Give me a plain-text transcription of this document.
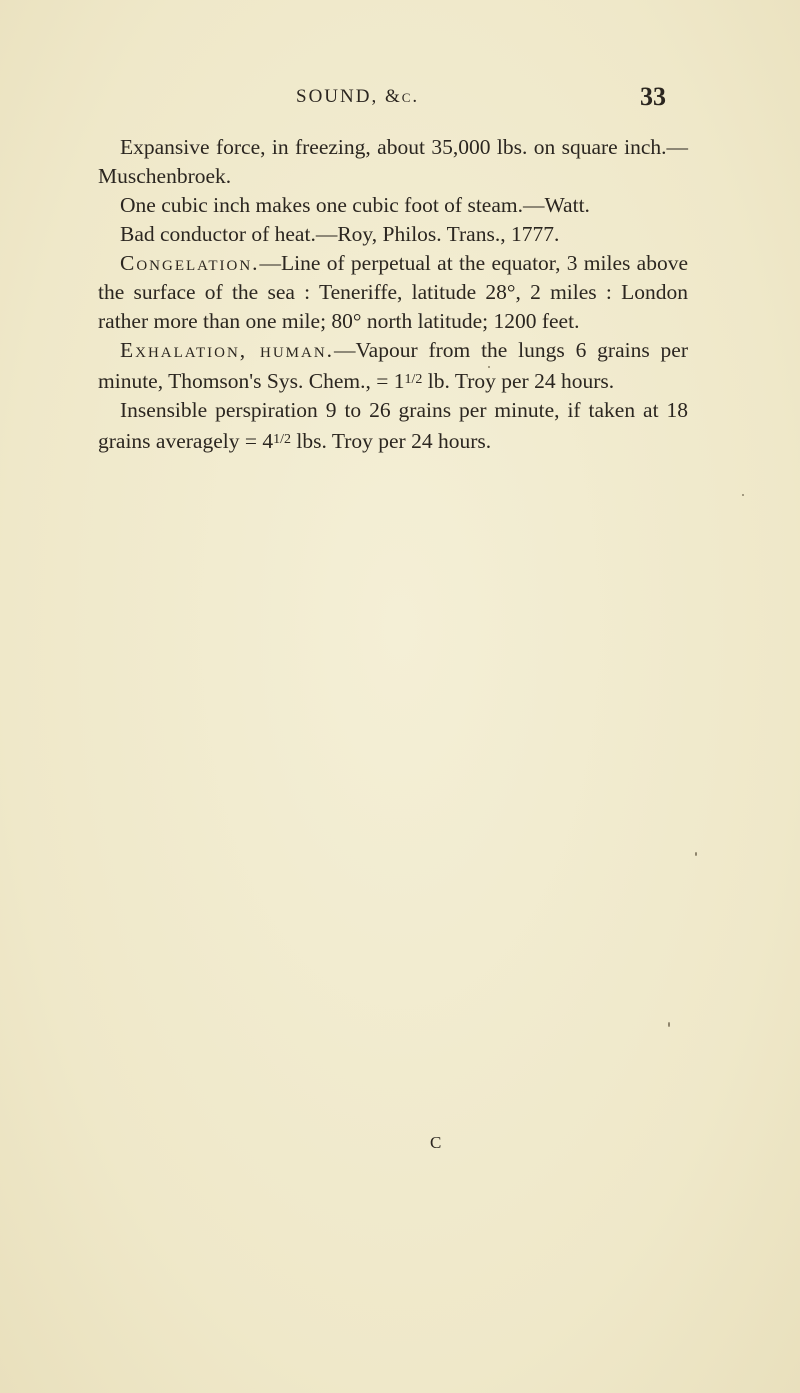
SOUND, &c.	33

Expansive force, in freezing, about 35,000 lbs. on square inch.—Muschenbroek.

One cubic inch makes one cubic foot of steam.—Watt.

Bad conductor of heat.—Roy, Philos. Trans., 1777.

Congelation.—Line of perpetual at the equator, 3 miles above the surface of the sea : Teneriffe, latitude 28°, 2 miles : London rather more than one mile; 80° north latitude; 1200 feet.

Exhalation, human.—Vapour from the lungs 6 grains per minute, Thomson's Sys. Chem., = $1^{1/2}$ lb. Troy per 24 hours.

Insensible perspiration 9 to 26 grains per minute, if taken at 18 grains averagely = $4^{1/2}$ lbs. Troy per 24 hours.

C
